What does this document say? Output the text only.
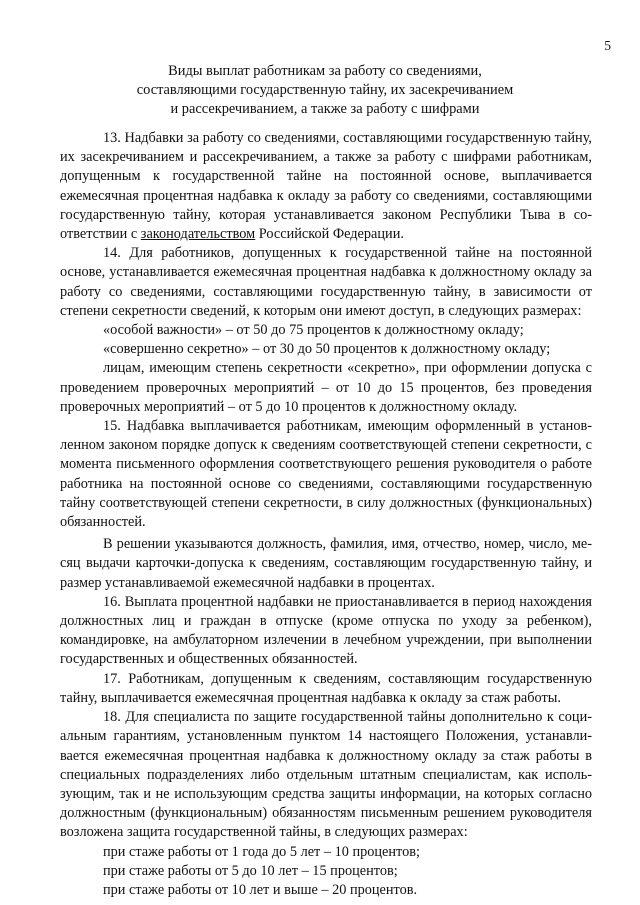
5
Виды выплат работникам за работу со сведениями,
составляющими государственную тайну, их засекречиванием
и рассекречиванием, а также за работу с шифрами

13. Надбавки за работу со сведениями, составляющими государственную тайну, их засекречиванием и рассекречиванием, а также за работу с шифрами работникам, допущенным к государственной тайне на постоянной основе, выплачивается ежемесячная процентная надбавка к окладу за работу со сведениями, составляющими государственную тайну, которая устанавливается законом Республики Тыва в соответствии с законодательством Российской Федерации.

14. Для работников, допущенных к государственной тайне на постоянной основе, устанавливается ежемесячная процентная надбавка к должностному окладу за работу со сведениями, составляющими государственную тайну, в зависимости от степени секретности сведений, к которым они имеют доступ, в следующих размерах:

«особой важности» – от 50 до 75 процентов к должностному окладу;

«совершенно секретно» – от 30 до 50 процентов к должностному окладу;

лицам, имеющим степень секретности «секретно», при оформлении допуска с проведением проверочных мероприятий – от 10 до 15 процентов, без проведения проверочных мероприятий – от 5 до 10 процентов к должностному окладу.

15. Надбавка выплачивается работникам, имеющим оформленный в установленном законом порядке допуск к сведениям соответствующей степени секретности, с момента письменного оформления соответствующего решения руководителя о работе работника на постоянной основе со сведениями, составляющими государственную тайну соответствующей степени секретности, в силу должностных (функциональных) обязанностей.

В решении указываются должность, фамилия, имя, отчество, номер, число, месяц выдачи карточки-допуска к сведениям, составляющим государственную тайну, и размер устанавливаемой ежемесячной надбавки в процентах.

16. Выплата процентной надбавки не приостанавливается в период нахождения должностных лиц и граждан в отпуске (кроме отпуска по уходу за ребенком), командировке, на амбулаторном излечении в лечебном учреждении, при выполнении государственных и общественных обязанностей.

17. Работникам, допущенным к сведениям, составляющим государственную тайну, выплачивается ежемесячная процентная надбавка к окладу за стаж работы.

18. Для специалиста по защите государственной тайны дополнительно к социальным гарантиям, установленным пунктом 14 настоящего Положения, устанавливается ежемесячная процентная надбавка к должностному окладу за стаж работы в специальных подразделениях либо отдельным штатным специалистам, как использующим, так и не использующим средства защиты информации, на которых согласно должностным (функциональным) обязанностям письменным решением руководителя возложена защита государственной тайны, в следующих размерах:

при стаже работы от 1 года до 5 лет – 10 процентов;

при стаже работы от 5 до 10 лет – 15 процентов;

при стаже работы от 10 лет и выше – 20 процентов.
